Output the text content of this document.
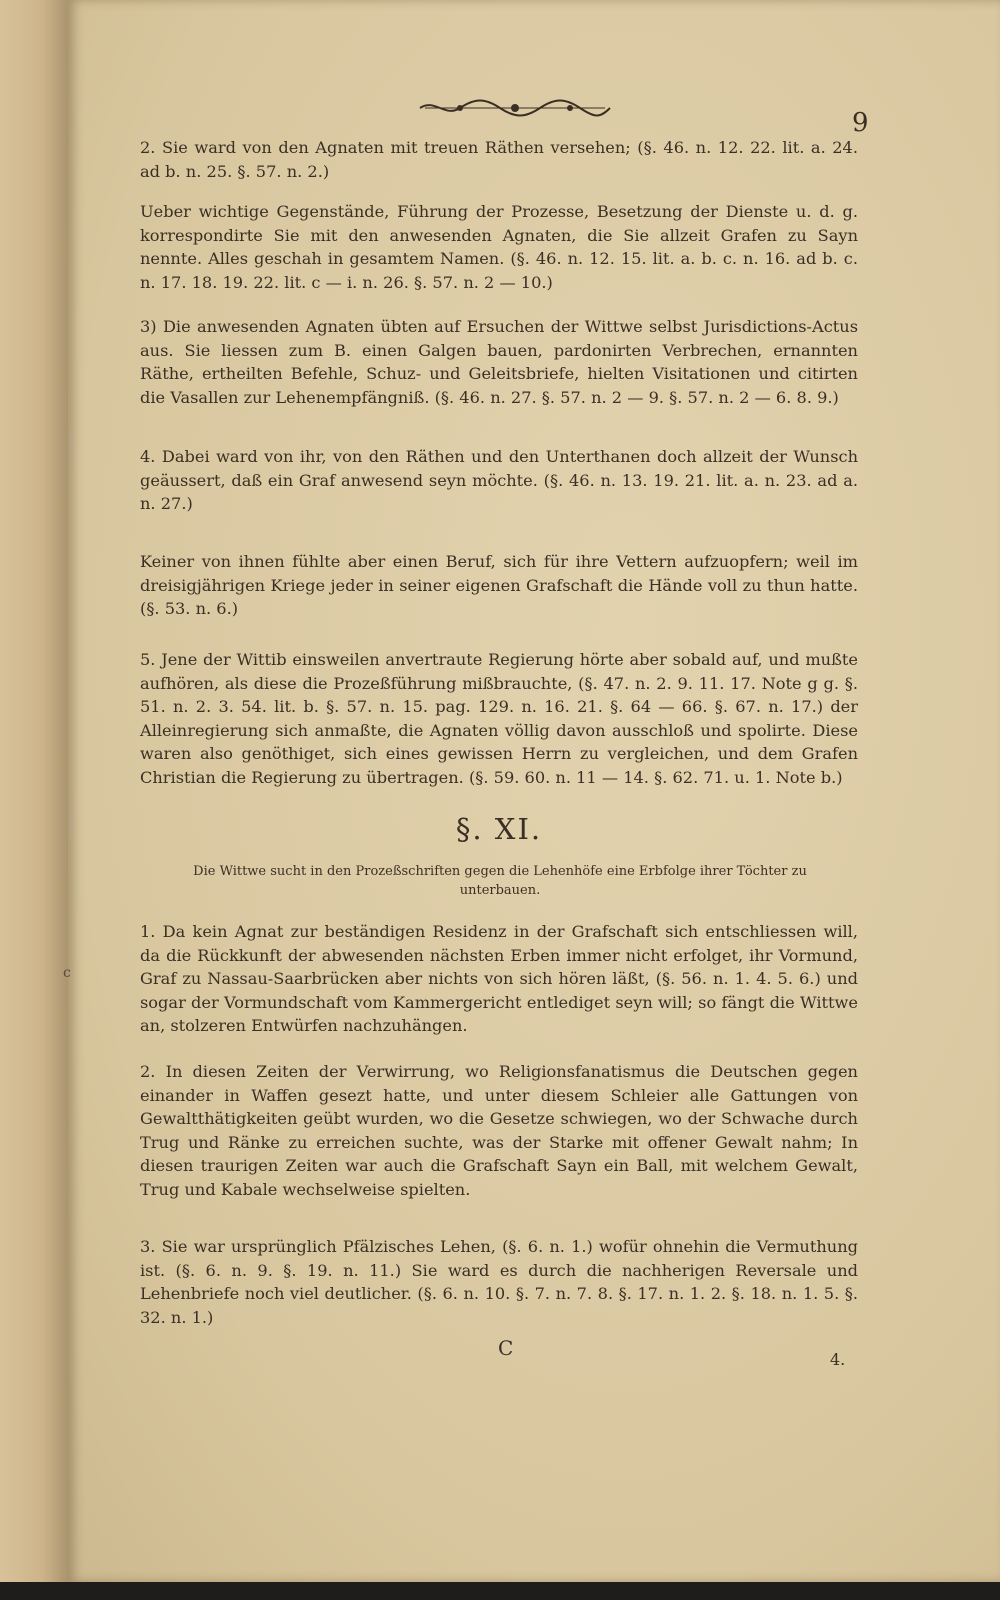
9

2. Sie ward von den Agnaten mit treuen Räthen versehen; (§. 46. n. 12. 22. lit. a. 24. ad b. n. 25. §. 57. n. 2.)

Ueber wichtige Gegenstände, Führung der Prozesse, Besetzung der Dienste u. d. g. korrespondirte Sie mit den anwesenden Agnaten, die Sie allzeit Grafen zu Sayn nennte. Alles geschah in gesamtem Namen. (§. 46. n. 12. 15. lit. a. b. c. n. 16. ad b. c. n. 17. 18. 19. 22. lit. c — i. n. 26. §. 57. n. 2 — 10.)

3) Die anwesenden Agnaten übten auf Ersuchen der Wittwe selbst Jurisdictions-Actus aus. Sie liessen zum B. einen Galgen bauen, pardonirten Verbrechen, ernannten Räthe, ertheilten Befehle, Schuz- und Geleitsbriefe, hielten Visitationen und citirten die Vasallen zur Lehenempfängniß. (§. 46. n. 27. §. 57. n. 2 — 9. §. 57. n. 2 — 6. 8. 9.)

4. Dabei ward von ihr, von den Räthen und den Unterthanen doch allzeit der Wunsch geäussert, daß ein Graf anwesend seyn möchte. (§. 46. n. 13. 19. 21. lit. a. n. 23. ad a. n. 27.)

Keiner von ihnen fühlte aber einen Beruf, sich für ihre Vettern aufzuopfern; weil im dreisigjährigen Kriege jeder in seiner eigenen Grafschaft die Hände voll zu thun hatte. (§. 53. n. 6.)

5. Jene der Wittib einsweilen anvertraute Regierung hörte aber sobald auf, und mußte aufhören, als diese die Prozeßführung mißbrauchte, (§. 47. n. 2. 9. 11. 17. Note g g. §. 51. n. 2. 3. 54. lit. b. §. 57. n. 15. pag. 129. n. 16. 21. §. 64 — 66. §. 67. n. 17.) der Alleinregierung sich anmaßte, die Agnaten völlig davon ausschloß und spolirte. Diese waren also genöthiget, sich eines gewissen Herrn zu vergleichen, und dem Grafen Christian die Regierung zu übertragen. (§. 59. 60. n. 11 — 14. §. 62. 71. u. 1. Note b.)

§. XI.
Die Wittwe sucht in den Prozeßschriften gegen die Lehenhöfe eine Erbfolge ihrer Töchter zu unterbauen.

1. Da kein Agnat zur beständigen Residenz in der Grafschaft sich entschliessen will, da die Rückkunft der abwesenden nächsten Erben immer nicht erfolget, ihr Vormund, Graf zu Nassau-Saarbrücken aber nichts von sich hören läßt, (§. 56. n. 1. 4. 5. 6.) und sogar der Vormundschaft vom Kammergericht entlediget seyn will; so fängt die Wittwe an, stolzeren Entwürfen nachzuhängen.

2. In diesen Zeiten der Verwirrung, wo Religionsfanatismus die Deutschen gegen einander in Waffen gesezt hatte, und unter diesem Schleier alle Gattungen von Gewaltthätigkeiten geübt wurden, wo die Gesetze schwiegen, wo der Schwache durch Trug und Ränke zu erreichen suchte, was der Starke mit offener Gewalt nahm; In diesen traurigen Zeiten war auch die Grafschaft Sayn ein Ball, mit welchem Gewalt, Trug und Kabale wechselweise spielten.

3. Sie war ursprünglich Pfälzisches Lehen, (§. 6. n. 1.) wofür ohnehin die Vermuthung ist. (§. 6. n. 9. §. 19. n. 11.) Sie ward es durch die nachherigen Reversale und Lehenbriefe noch viel deutlicher. (§. 6. n. 10. §. 7. n. 7. 8. §. 17. n. 1. 2. §. 18. n. 1. 5. §. 32. n. 1.)

C	4.
c
